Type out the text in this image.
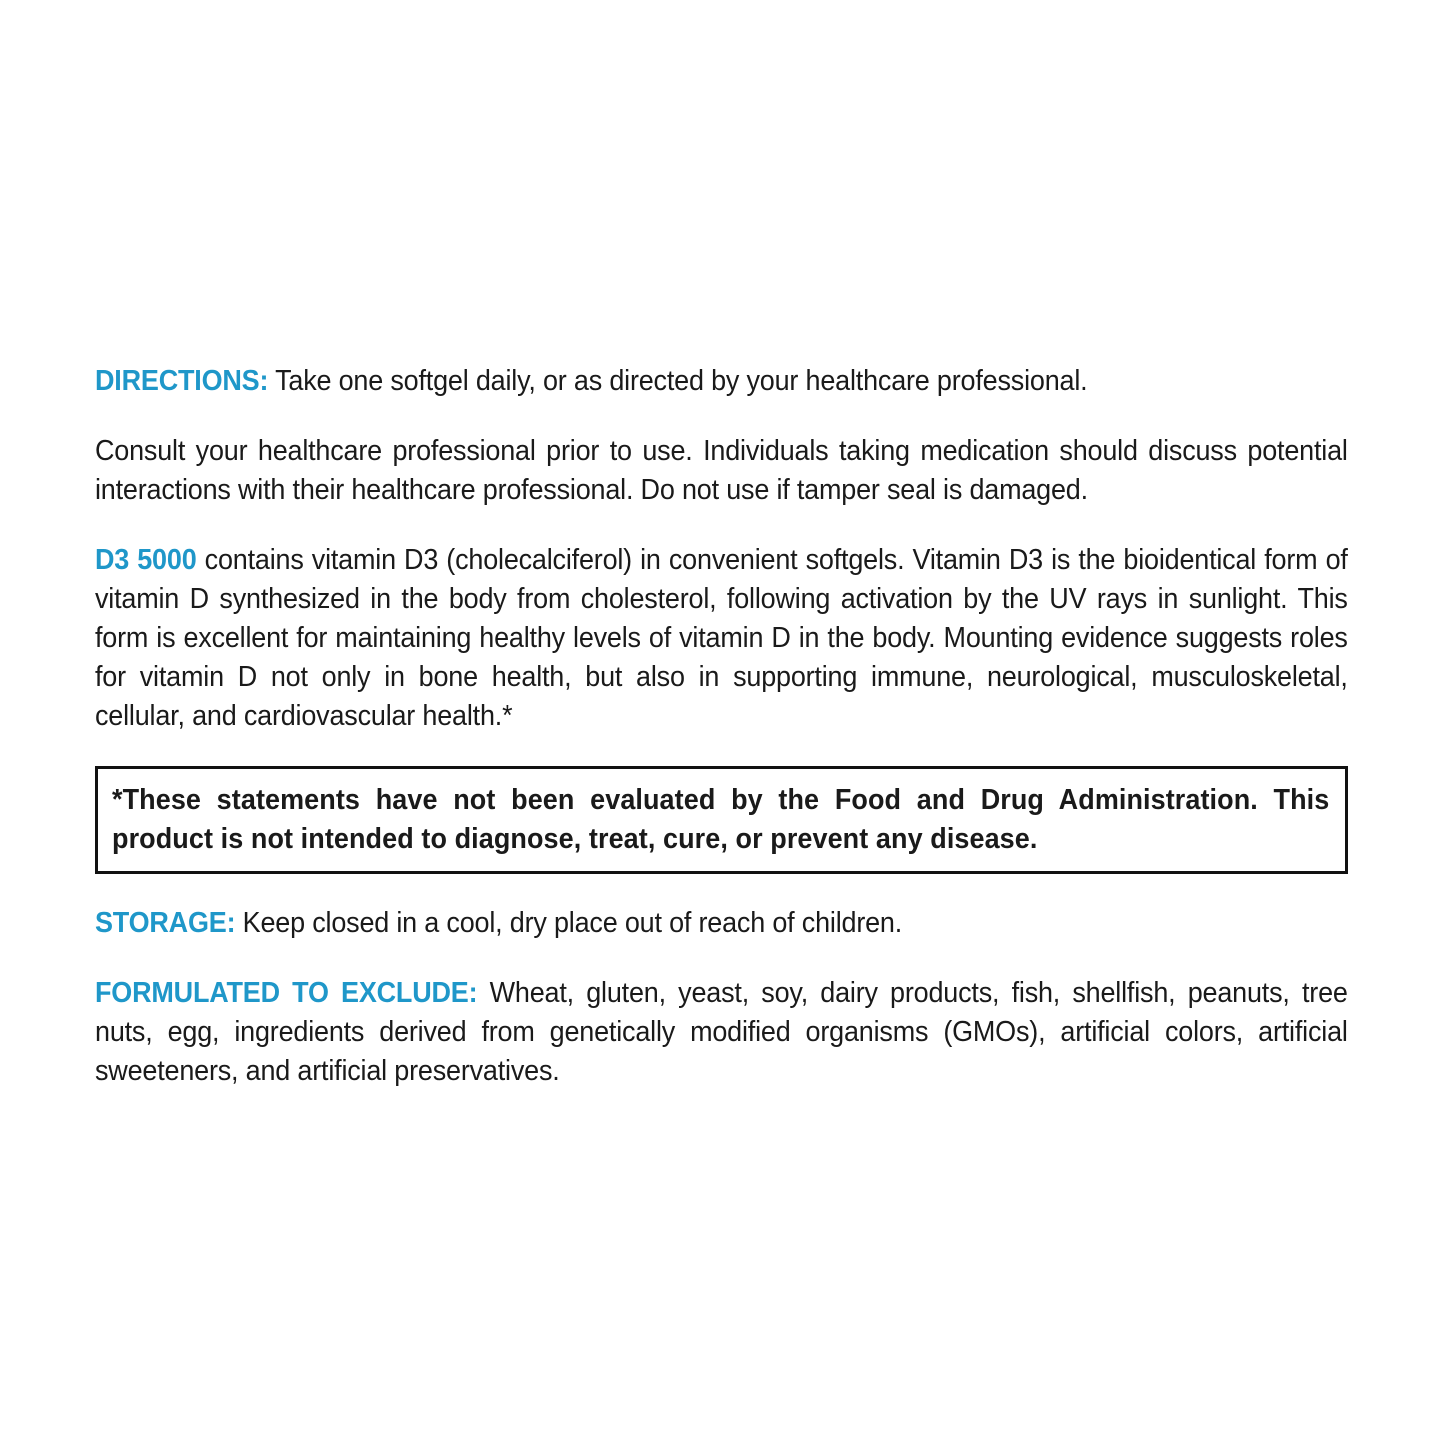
DIRECTIONS: Take one softgel daily, or as directed by your healthcare professional.

Consult your healthcare professional prior to use. Individuals taking medication should discuss potential interactions with their healthcare professional. Do not use if tamper seal is damaged.

D3 5000 contains vitamin D3 (cholecalciferol) in convenient softgels. Vitamin D3 is the bioidentical form of vitamin D synthesized in the body from cholesterol, following activation by the UV rays in sunlight. This form is excellent for maintaining healthy levels of vitamin D in the body. Mounting evidence suggests roles for vitamin D not only in bone health, but also in supporting immune, neurological, musculoskeletal, cellular, and cardiovascular health.*

*These statements have not been evaluated by the Food and Drug Administration. This product is not intended to diagnose, treat, cure, or prevent any disease.

STORAGE: Keep closed in a cool, dry place out of reach of children.

FORMULATED TO EXCLUDE: Wheat, gluten, yeast, soy, dairy products, fish, shellfish, peanuts, tree nuts, egg, ingredients derived from genetically modified organisms (GMOs), artificial colors, artificial sweeteners, and artificial preservatives.
